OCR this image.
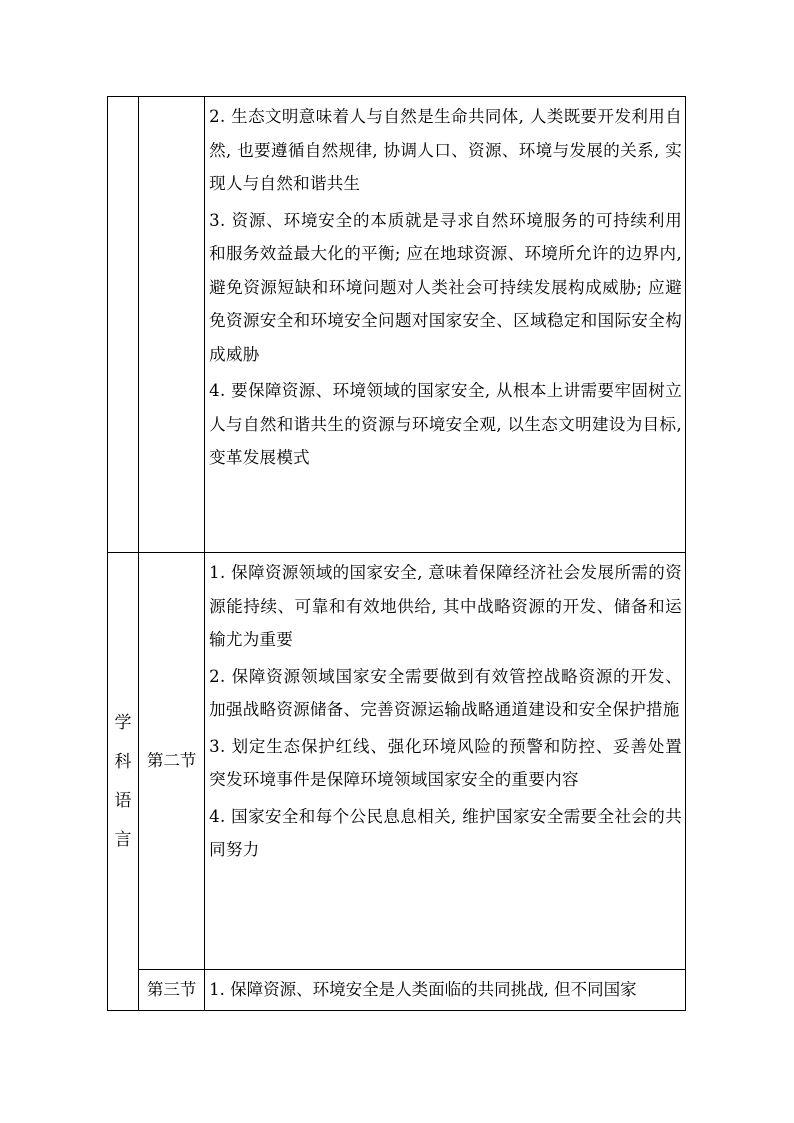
		2. 生态文明意味着人与自然是生命共同体, 人类既要开发利用自然, 也要遵循自然规律, 协调人口、资源、环境与发展的关系, 实现人与自然和谐共生
3. 资源、环境安全的本质就是寻求自然环境服务的可持续利用和服务效益最大化的平衡; 应在地球资源、环境所允许的边界内, 避免资源短缺和环境问题对人类社会可持续发展构成威胁; 应避免资源安全和环境安全问题对国家安全、区域稳定和国际安全构成威胁
4. 要保障资源、环境领域的国家安全, 从根本上讲需要牢固树立人与自然和谐共生的资源与环境安全观, 以生态文明建设为目标, 变革发展模式

学科语言	第二节	1. 保障资源领域的国家安全, 意味着保障经济社会发展所需的资源能持续、可靠和有效地供给, 其中战略资源的开发、储备和运输尤为重要
2. 保障资源领域国家安全需要做到有效管控战略资源的开发、加强战略资源储备、完善资源运输战略通道建设和安全保护措施
3. 划定生态保护红线、强化环境风险的预警和防控、妥善处置突发环境事件是保障环境领域国家安全的重要内容
4. 国家安全和每个公民息息相关, 维护国家安全需要全社会的共同努力

	第三节	1. 保障资源、环境安全是人类面临的共同挑战, 但不同国家
